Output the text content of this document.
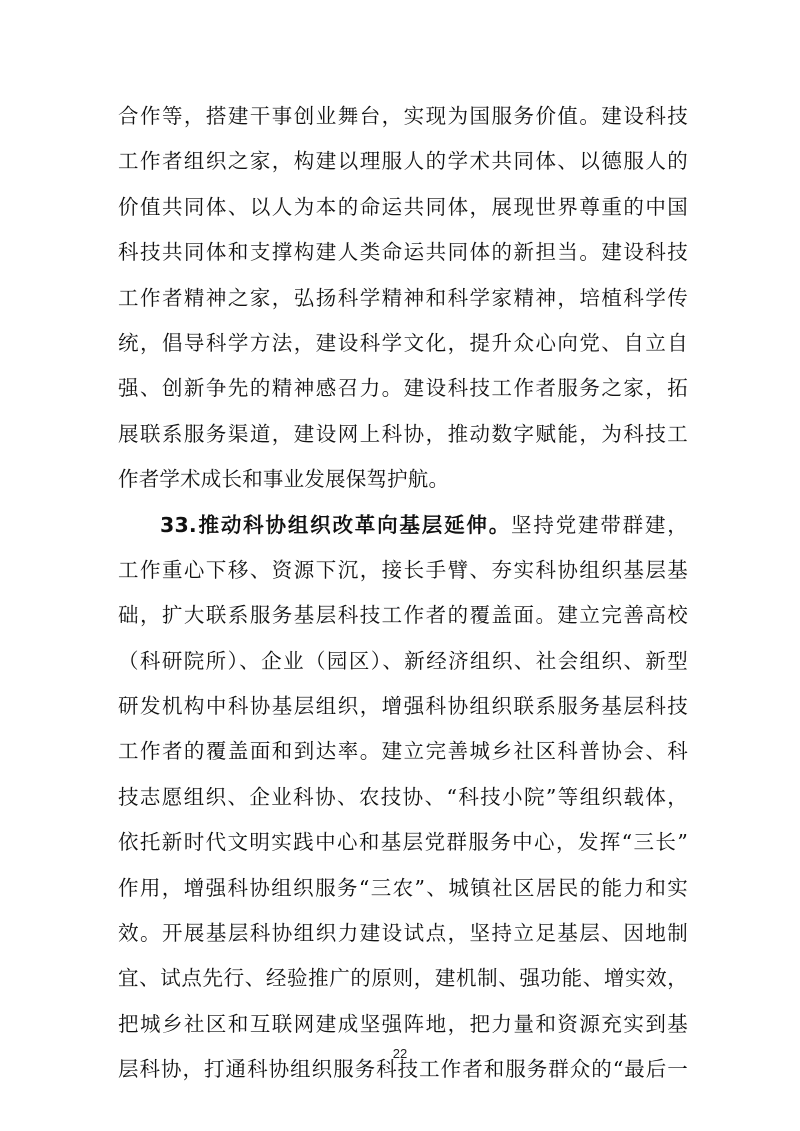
合作等，搭建干事创业舞台，实现为国服务价值。建设科技
工作者组织之家，构建以理服人的学术共同体、以德服人的
价值共同体、以人为本的命运共同体，展现世界尊重的中国
科技共同体和支撑构建人类命运共同体的新担当。建设科技
工作者精神之家，弘扬科学精神和科学家精神，培植科学传
统，倡导科学方法，建设科学文化，提升众心向党、自立自
强、创新争先的精神感召力。建设科技工作者服务之家，拓
展联系服务渠道，建设网上科协，推动数字赋能，为科技工
作者学术成长和事业发展保驾护航。
33.推动科协组织改革向基层延伸。坚持党建带群建，
工作重心下移、资源下沉，接长手臂、夯实科协组织基层基
础，扩大联系服务基层科技工作者的覆盖面。建立完善高校
（科研院所）、企业（园区）、新经济组织、社会组织、新型
研发机构中科协基层组织，增强科协组织联系服务基层科技
工作者的覆盖面和到达率。建立完善城乡社区科普协会、科
技志愿组织、企业科协、农技协、“科技小院”等组织载体，
依托新时代文明实践中心和基层党群服务中心，发挥“三长”
作用，增强科协组织服务“三农”、城镇社区居民的能力和实
效。开展基层科协组织力建设试点，坚持立足基层、因地制
宜、试点先行、经验推广的原则，建机制、强功能、增实效，
把城乡社区和互联网建成坚强阵地，把力量和资源充实到基
层科协，打通科协组织服务科技工作者和服务群众的“最后一
22
